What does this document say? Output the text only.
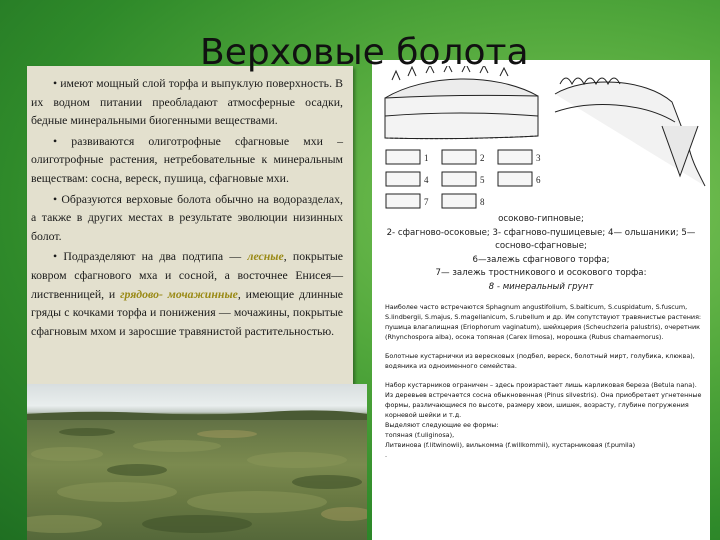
Верховые болота

• имеют мощный слой торфа и выпуклую поверхность. В их водном питании преобладают атмосферные осадки, бедные минеральными биогенными веществами.

• развиваются олиготрофные сфагновые мхи – олиготрофные растения, нетребовательные к минеральным веществам: сосна, вереск, пушица, сфагновые мхи.

• Образуются верховые болота обычно на водоразделах, а также в других местах в результате эволюции низинных болот.

• Подразделяют на два подтипа — лесные, покрытые ковром сфагнового мха и сосной, а восточнее Енисея—лиственницей, и грядово- мочажинные, имеющие длинные гряды с кочками торфа и понижения — мочажины, покрытые сфагновым мхом и заросшие травянистой растительностью.

1	2	3
4	5	6
7	8
осоково-гипновые;
2- сфагново-осоковые; 3- сфагново-пушицевые; 4— ольшаники; 5— сосново-сфагновые;
6—залежь сфагнового торфа;
7— залежь тростникового и осокового торфа:
8 - минеральный грунт

Наиболее часто встречаются Sphagnum angustifolium, S.balticum, S.cuspidatum, S.fuscum, S.lindbergii, S.majus, S.magellanicum, S.rubellum и др. Им сопутствуют травянистые растения: пушица влагалищная (Eriophorum vaginatum), шейхцерия (Scheuchzeria palustris), очеретник (Rhynchospora alba), осока топяная (Carex limosa), морошка (Rubus chamaemorus).

Болотные кустарнички из вересковых (подбел, вереск, болотный мирт, голубика, клюква), водяника из одноименного семейства.

Набор кустарников ограничен – здесь произрастает лишь карликовая береза (Betula nana). Из деревьев встречается сосна обыкновенная (Pinus silvestris). Она приобретает угнетенные формы, различающиеся по высоте, размеру хвои, шишек, возрасту, глубине погружения корневой шейки и т.д.

Выделяют следующие ее формы:

топяная (f.uliginosa),

Литвинова (f.litwinowii), вилькомма (f.willkommii), кустарниковая (f.pumila)

.
